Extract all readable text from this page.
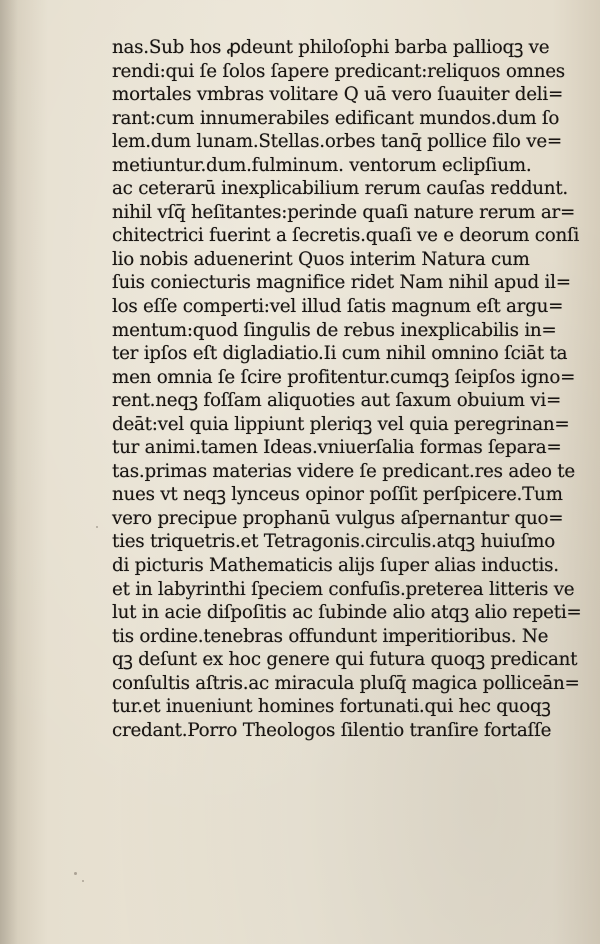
nas.Sub hos ꝓdeunt philoſophi barba pallioqꝫ ve
rendi:qui ſe ſolos ſapere predicant:reliquos omnes
mortales vmbras volitare Q uā vero ſuauiter deli=
rant:cum innumerabiles edificant mundos.dum ſo
lem.dum lunam.Stellas.orbes tanq̄ pollice filo ve=
metiuntur.dum.fulminum. ventorum eclipſium.
ac ceterarū inexplicabilium rerum cauſas reddunt.
nihil vſq̄ heſitantes:perinde quaſi nature rerum ar=
chitectrici fuerint a ſecretis.quaſi ve e deorum conſi
lio nobis aduenerint Quos interim Natura cum
ſuis coniecturis magnifice ridet Nam nihil apud il=
los eſſe comperti:vel illud ſatis magnum eſt argu=
mentum:quod ſingulis de rebus inexplicabilis in=
ter ipſos eſt digladiatio.Ii cum nihil omnino ſciāt ta
men omnia ſe ſcire profitentur.cumqꝫ ſeipſos igno=
rent.neqꝫ foſſam aliquoties aut ſaxum obuium vi=
deāt:vel quia lippiunt pleriqꝫ vel quia peregrinan=
tur animi.tamen Ideas.vniuerſalia formas ſepara=
tas.primas materias videre ſe predicant.res adeo te
nues vt neqꝫ lynceus opinor poſſit perſpicere.Tum
vero precipue prophanū vulgus aſpernantur quo=
ties triquetris.et Tetragonis.circulis.atqꝫ huiuſmo
di picturis Mathematicis alijs ſuper alias inductis.
et in labyrinthi ſpeciem confuſis.preterea litteris ve
lut in acie diſpoſitis ac ſubinde alio atqꝫ alio repeti=
tis ordine.tenebras offundunt imperitioribus. Ne
qꝫ deſunt ex hoc genere qui futura quoqꝫ predicant
conſultis aſtris.ac miracula pluſq̄ magica polliceān=
tur.et inueniunt homines fortunati.qui hec quoqꝫ
credant.Porro Theologos ſilentio tranſire fortaſſe
